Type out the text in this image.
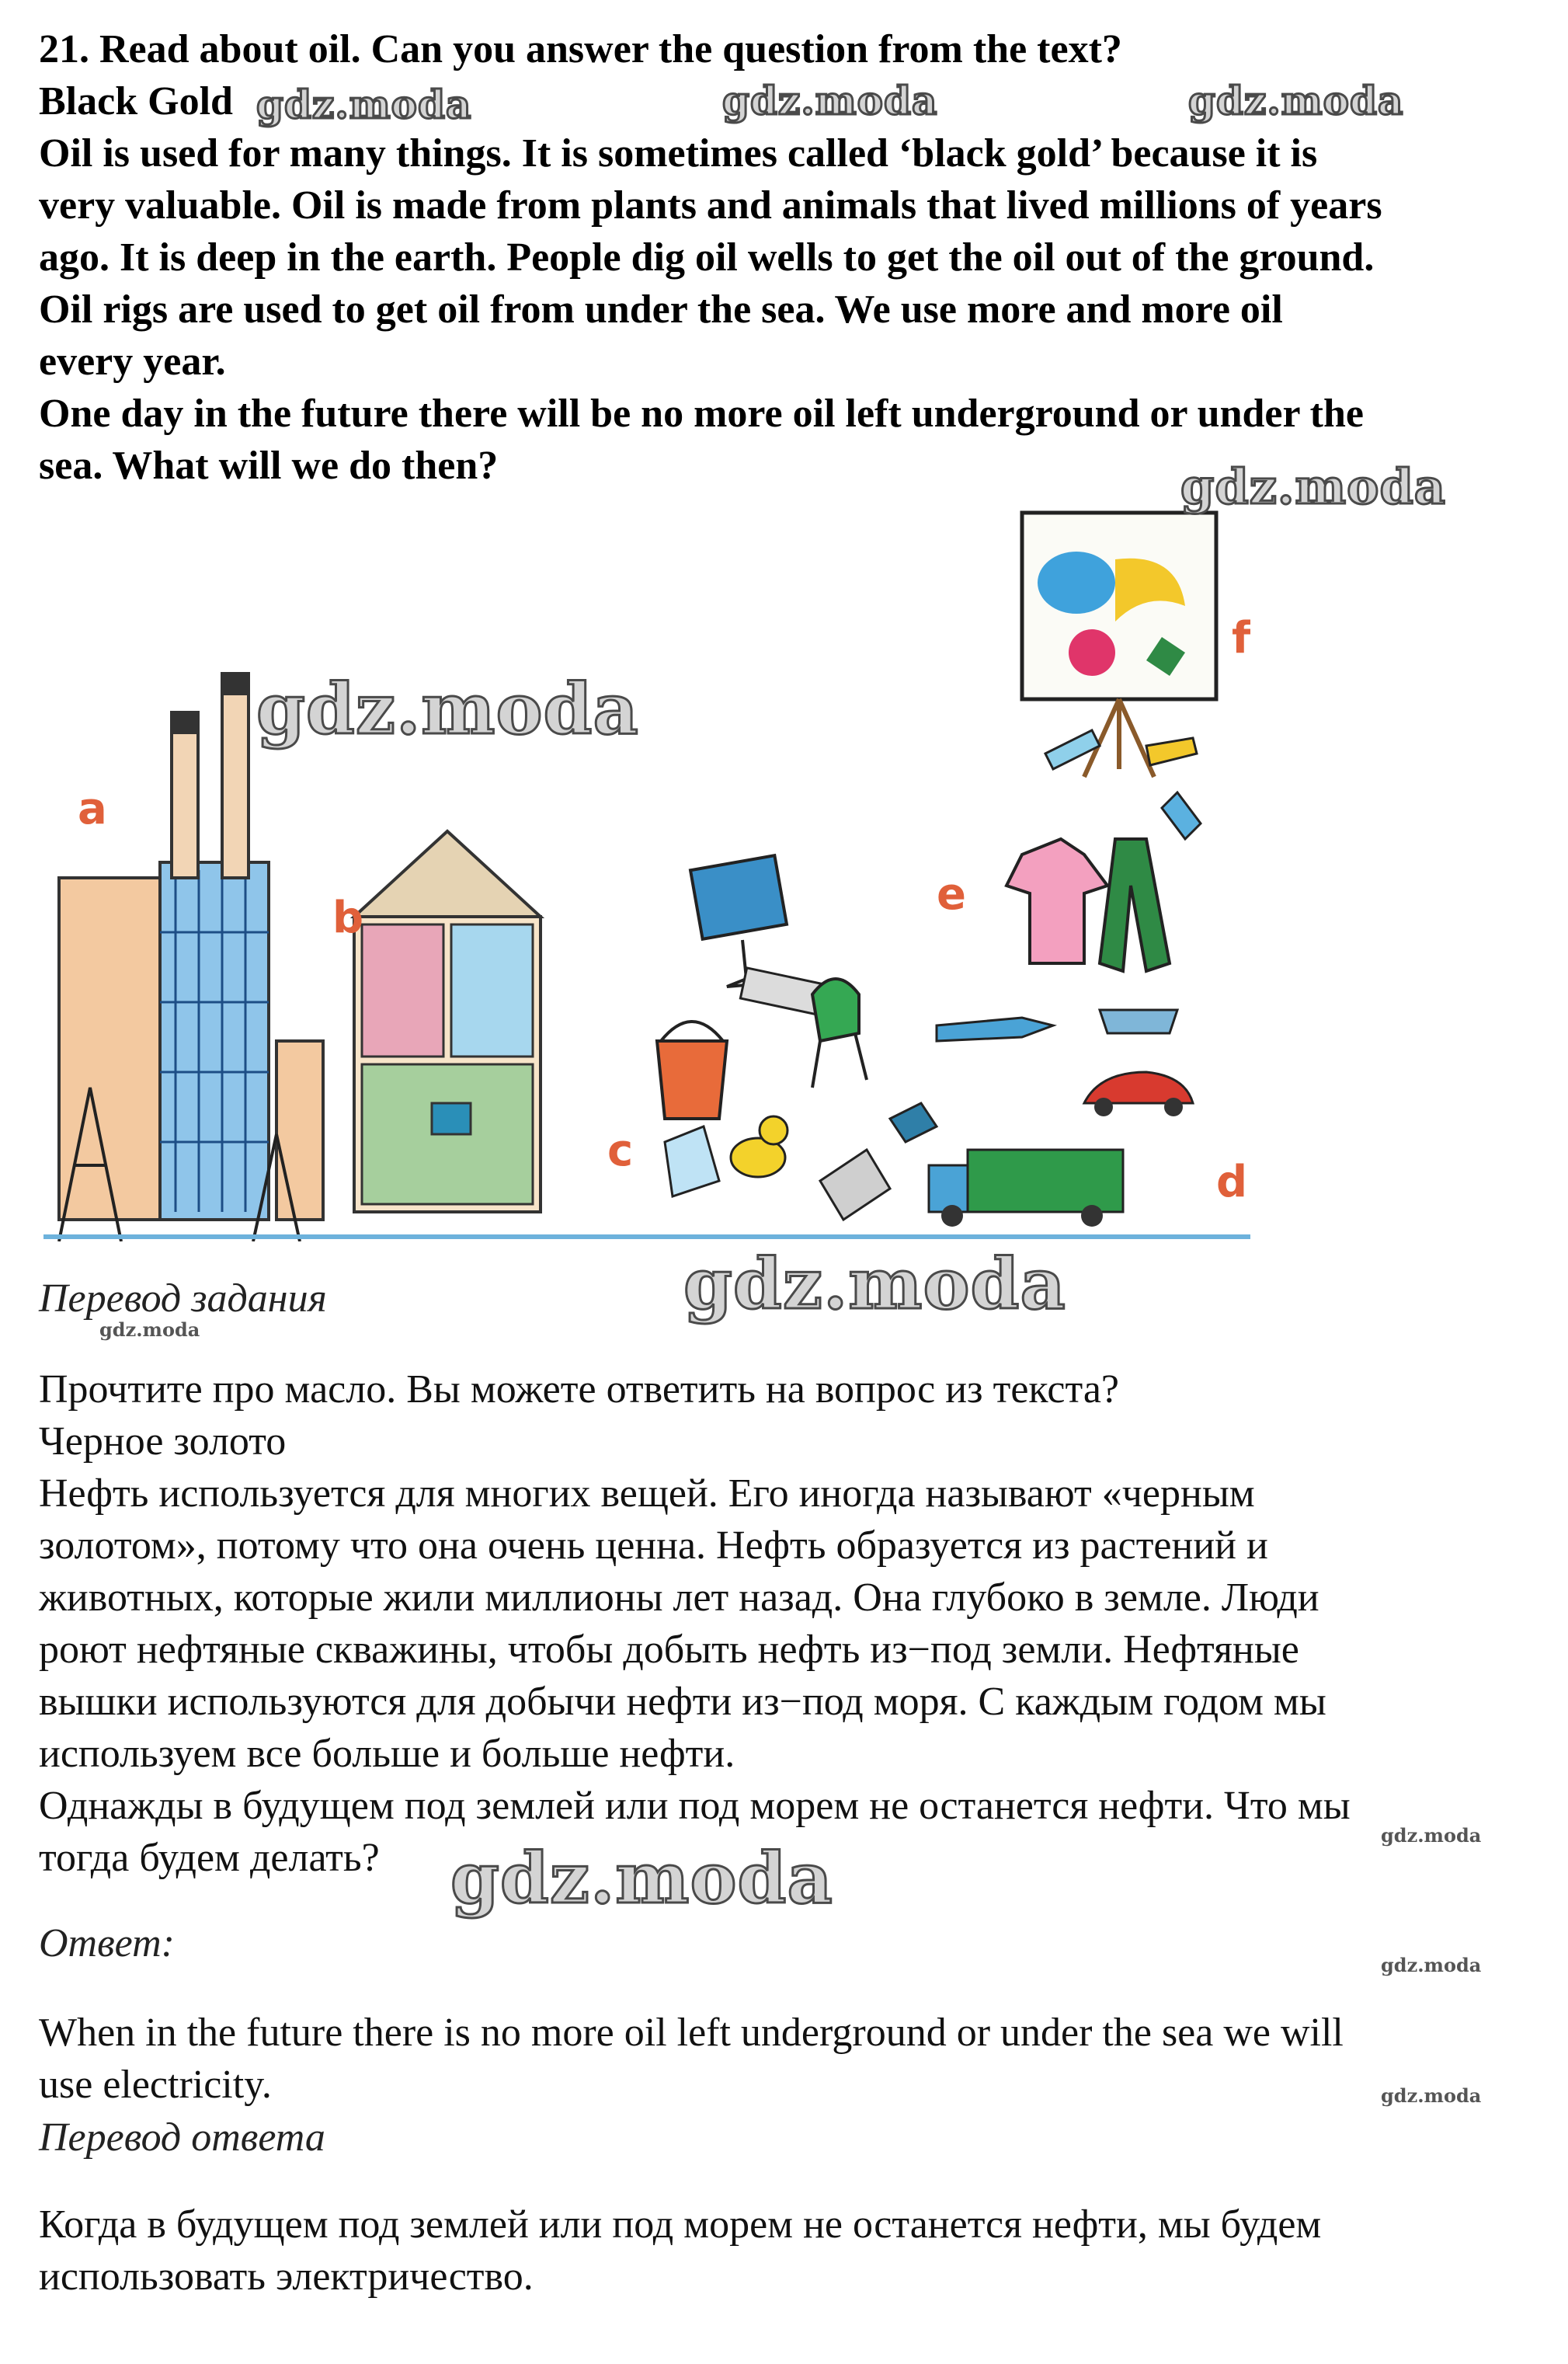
21. Read about oil. Can you answer the question from the text?

Black Gold

Oil is used for many things. It is sometimes called ‘black gold’ because it is

very valuable. Oil is made from plants and animals that lived millions of years

ago. It is deep in the earth. People dig oil wells to get the oil out of the ground.

Oil rigs are used to get oil from under the sea. We use more and more oil

every year.

One day in the future there will be no more oil left underground or under the

sea. What will we do then?

a
b
c
e
d
f
gdz.moda	gdz.moda	gdz.moda
gdz.moda
gdz.moda
gdz.moda
gdz.moda
gdz.moda
gdz.moda
gdz.moda
gdz.moda

Перевод задания

Прочтите про масло. Вы можете ответить на вопрос из текста?

Черное золото

Нефть используется для многих вещей. Его иногда называют «черным

золотом», потому что она очень ценна. Нефть образуется из растений и

животных, которые жили миллионы лет назад. Она глубоко в земле. Люди

роют нефтяные скважины, чтобы добыть нефть из−под земли. Нефтяные

вышки используются для добычи нефти из−под моря. С каждым годом мы

используем все больше и больше нефти.

Однажды в будущем под землей или под морем не останется нефти. Что мы

тогда будем делать?

Ответ:

When in the future there is no more oil left underground or under the sea we will

use electricity.

Перевод ответа

Когда в будущем под землей или под морем не останется нефти, мы будем

использовать электричество.
